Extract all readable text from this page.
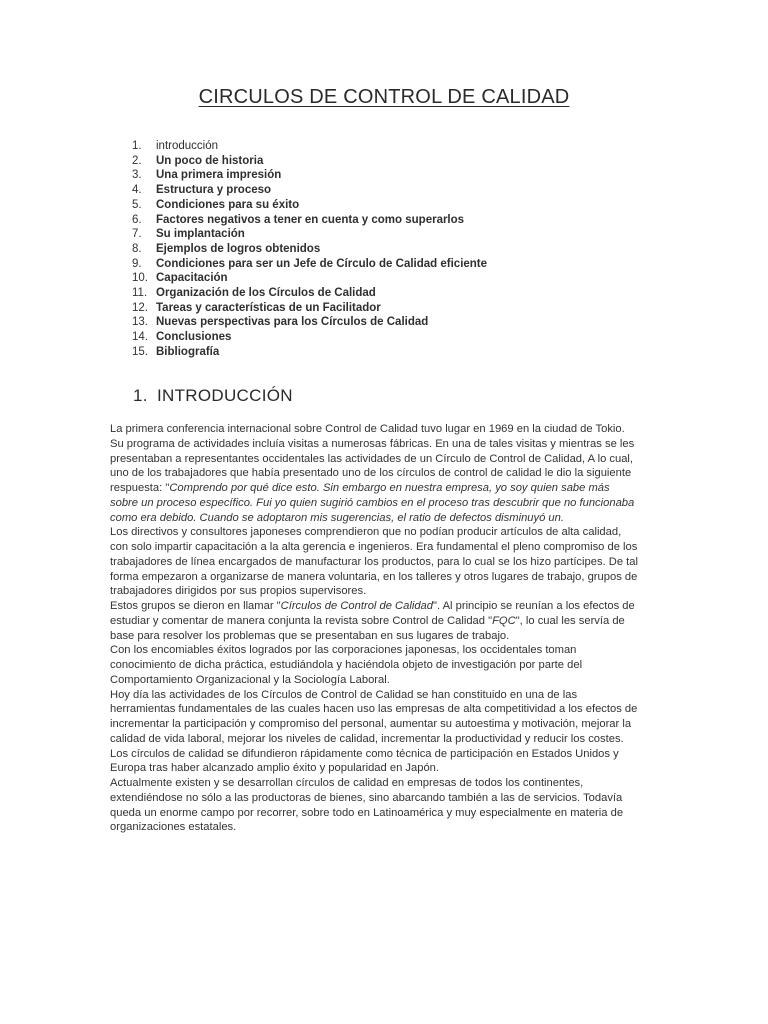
CIRCULOS DE CONTROL DE CALIDAD
1.	introducción
2.	Un poco de historia
3.	Una primera impresión
4.	Estructura y proceso
5.	Condiciones para su éxito
6.	Factores negativos a tener en cuenta y como superarlos
7.	Su implantación
8.	Ejemplos de logros obtenidos
9.	Condiciones para ser un Jefe de Círculo de Calidad eficiente
10. Capacitación
11. Organización de los Círculos de Calidad
12. Tareas y características de un Facilitador
13. Nuevas perspectivas para los Círculos de Calidad
14. Conclusiones
15. Bibliografía
1. INTRODUCCIÓN
La primera conferencia internacional sobre Control de Calidad tuvo lugar en 1969 en la ciudad de Tokio.
Su programa de actividades incluía visitas a numerosas fábricas. En una de tales visitas y mientras se les
presentaban a representantes occidentales las actividades de un Círculo de Control de Calidad, A lo cual,
uno de los trabajadores que había presentado uno de los círculos de control de calidad le dio la siguiente
respuesta: "Comprendo por qué dice esto. Sin embargo en nuestra empresa, yo soy quien sabe más
sobre un proceso específico. Fui yo quien sugirió cambios en el proceso tras descubrir que no funcionaba
como era debido. Cuando se adoptaron mis sugerencias, el ratio de defectos disminuyó un.
Los directivos y consultores japoneses comprendieron que no podían producir artículos de alta calidad,
con solo impartir capacitación a la alta gerencia e ingenieros. Era fundamental el pleno compromiso de los
trabajadores de línea encargados de manufacturar los productos, para lo cual se los hizo partícipes. De tal
forma empezaron a organizarse de manera voluntaria, en los talleres y otros lugares de trabajo, grupos de
trabajadores dirigidos por sus propios supervisores.
Estos grupos se dieron en llamar "Círculos de Control de Calidad". Al principio se reunían a los efectos de
estudiar y comentar de manera conjunta la revista sobre Control de Calidad "FQC", lo cual les servía de
base para resolver los problemas que se presentaban en sus lugares de trabajo.
Con los encomiables éxitos logrados por las corporaciones japonesas, los occidentales toman
conocimiento de dicha práctica, estudiándola y haciéndola objeto de investigación por parte del
Comportamiento Organizacional y la Sociología Laboral.
Hoy día las actividades de los Círculos de Control de Calidad se han constituido en una de las
herramientas fundamentales de las cuales hacen uso las empresas de alta competitividad a los efectos de
incrementar la participación y compromiso del personal, aumentar su autoestima y motivación, mejorar la
calidad de vida laboral, mejorar los niveles de calidad, incrementar la productividad y reducir los costes.
Los círculos de calidad se difundieron rápidamente como técnica de participación en Estados Unidos y
Europa tras haber alcanzado amplio éxito y popularidad en Japón.
Actualmente existen y se desarrollan círculos de calidad en empresas de todos los continentes,
extendiéndose no sólo a las productoras de bienes, sino abarcando también a las de servicios. Todavía
queda un enorme campo por recorrer, sobre todo en Latinoamérica y muy especialmente en materia de
organizaciones estatales.
